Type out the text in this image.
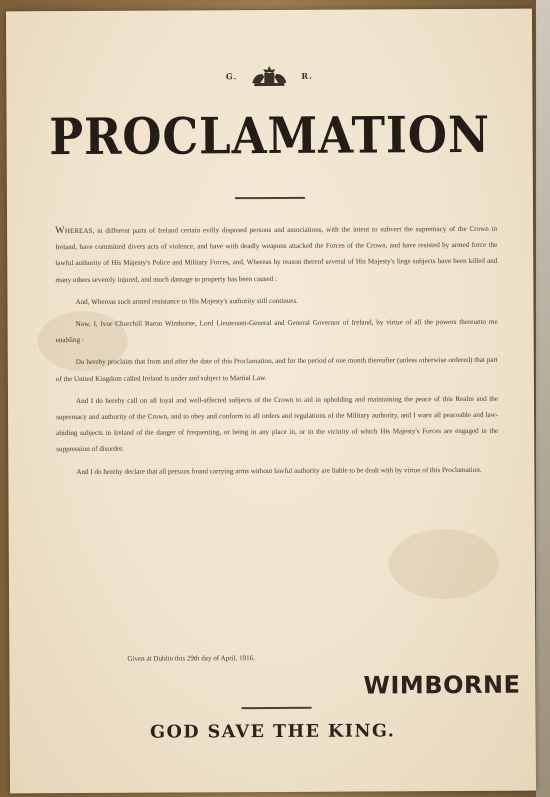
G.	R.
PROCLAMATION

WHEREAS, in different parts of Ireland certain evilly disposed persons and associations, with the intent to subvert the supremacy of the Crown in Ireland, have committed divers acts of violence, and have with deadly weapons attacked the Forces of the Crown, and have resisted by armed force the lawful authority of His Majesty's Police and Military Forces, and, Whereas by reason thereof several of His Majesty's liege subjects have been killed and many others severely injured, and much damage to property has been caused :

And, Whereas such armed resistance to His Majesty's authority still continues.

Now, I, Ivor Churchill Baron Wimborne, Lord Lieutenant-General and General Governor of Ireland, by virtue of all the powers thereunto me enabling :

Do hereby proclaim that from and after the date of this Proclamation, and for the period of one month thereafter (unless otherwise ordered) that part of the United Kingdom called Ireland is under and subject to Martial Law.

And I do hereby call on all loyal and well-affected subjects of the Crown to aid in upholding and maintaining the peace of this Realm and the supremacy and authority of the Crown, and to obey and conform to all orders and regulations of the Military authority, and I warn all peaceable and law-abiding subjects in Ireland of the danger of frequenting, or being in any place in, or in the vicinity of which His Majesty's Forces are engaged in the suppression of disorder.

And I do hereby declare that all persons found carrying arms without lawful authority are liable to be dealt with by virtue of this Proclamation.

Given at Dublin this 29th day of April, 1916.
WIMBORNE
GOD SAVE THE KING.
